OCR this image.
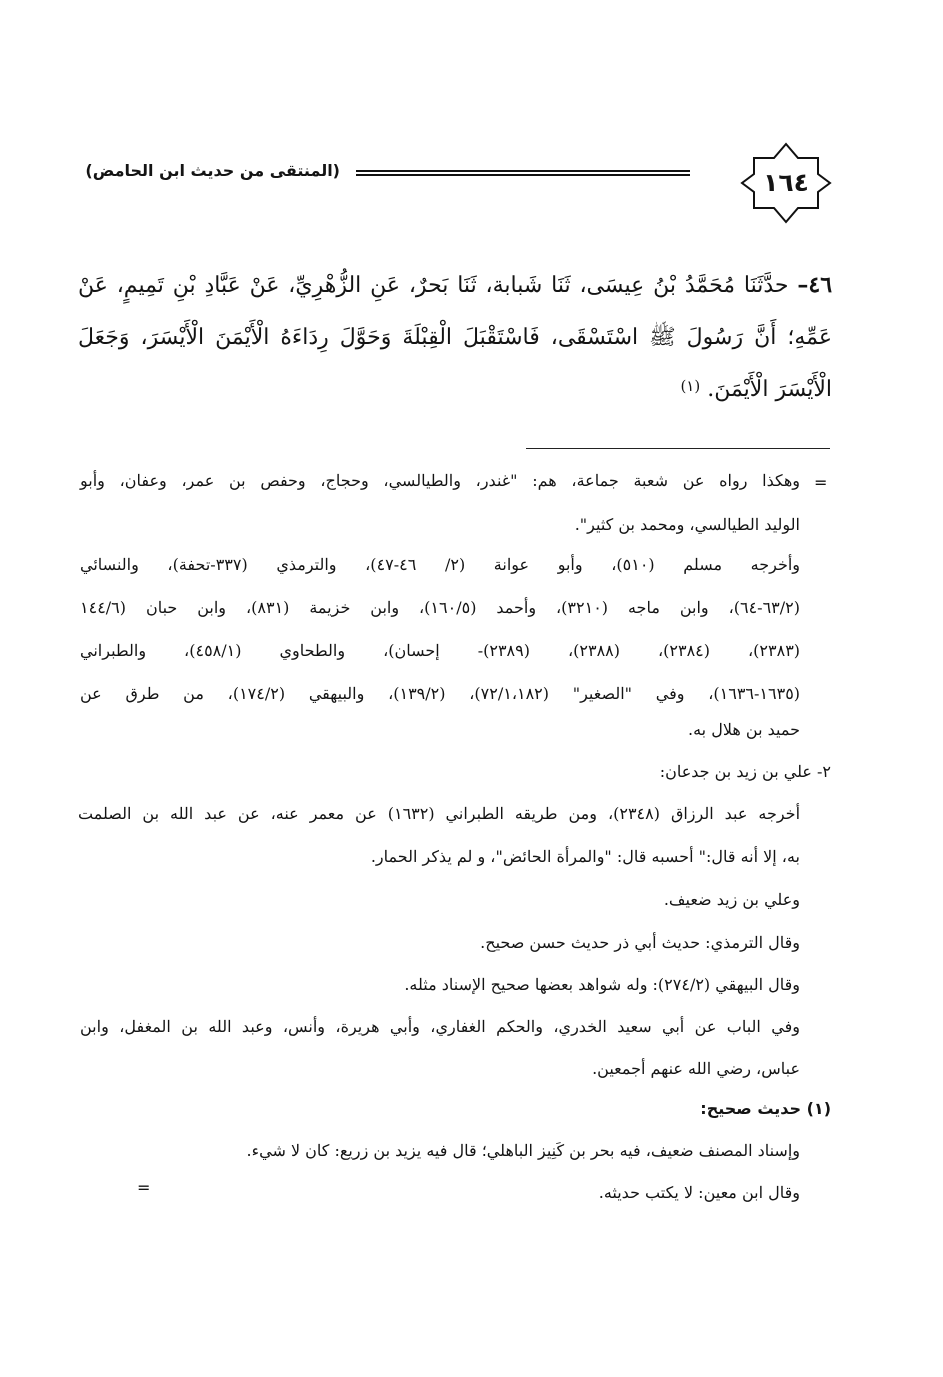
١٦٤
(المنتقى من حديث ابن الحامض)
٤٦– حدَّثَنَا مُحَمَّدُ بْنُ عِيسَى، ثَنَا شَبابة، ثَنَا بَحرٌ، عَنِ الزُّهْرِيِّ، عَنْ عَبَّادِ بْنِ تَمِيمٍ، عَنْ عَمِّهِ؛ أَنَّ رَسُولَ ﷺ اسْتَسْقَى، فَاسْتَقْبَلَ الْقِبْلَةَ وَحَوَّلَ رِدَاءَهُ الْأَيْمَنَ الْأَيْسَرَ، وَجَعَلَ الْأَيْسَرَ الْأَيْمَنَ. $^{(١)}$
=
وهكذا رواه عن شعبة جماعة، هم: "غندر، والطيالسي، وحجاج، وحفص بن عمر، وعفان، وأبو
الوليد الطيالسي، ومحمد بن كثير".
وأخرجه مسلم (٥١٠)، وأبو عوانة (٢/ ٤٦-٤٧)، والترمذي (٣٣٧-تحفة)، والنسائي
(٦٣/٢-٦٤)، وابن ماجه (٣٢١٠)، وأحمد (١٦٠/٥)، وابن خزيمة (٨٣١)، وابن حبان (١٤٤/٦
(٢٣٨٣)، (٢٣٨٤)، (٢٣٨٨)، (٢٣٨٩)- إحسان)، والطحاوي (٤٥٨/١)، والطبراني
(١٦٣٥-١٦٣٦)، وفي "الصغير" (٧٢/١،١٨٢)، (١٣٩/٢)، والبيهقي (١٧٤/٢)، من طرق عن
حميد بن هلال به.
٢- علي بن زيد بن جدعان:
أخرجه عبد الرزاق (٢٣٤٨)، ومن طريقه الطبراني (١٦٣٢) عن معمر عنه، عن عبد الله بن الصلمت
به، إلا أنه قال:" أحسبه قال: "والمرأة الحائض"، و لم يذكر الحمار.
وعلي بن زيد ضعيف.
وقال الترمذي: حديث أبي ذر حديث حسن صحيح.
وقال البيهقي (٢٧٤/٢): وله شواهد بعضها صحيح الإسناد مثله.
وفي الباب عن أبي سعيد الخدري، والحكم الغفاري، وأبي هريرة، وأنس، وعبد الله بن المغفل، وابن
عباس، رضي الله عنهم أجمعين.
(١) حديث صحيح:
وإسناد المصنف ضعيف، فيه بحر بن كَنِيز الباهلي؛ قال فيه يزيد بن زريع: كان لا شيء.
وقال ابن معين: لا يكتب حديثه.
=
